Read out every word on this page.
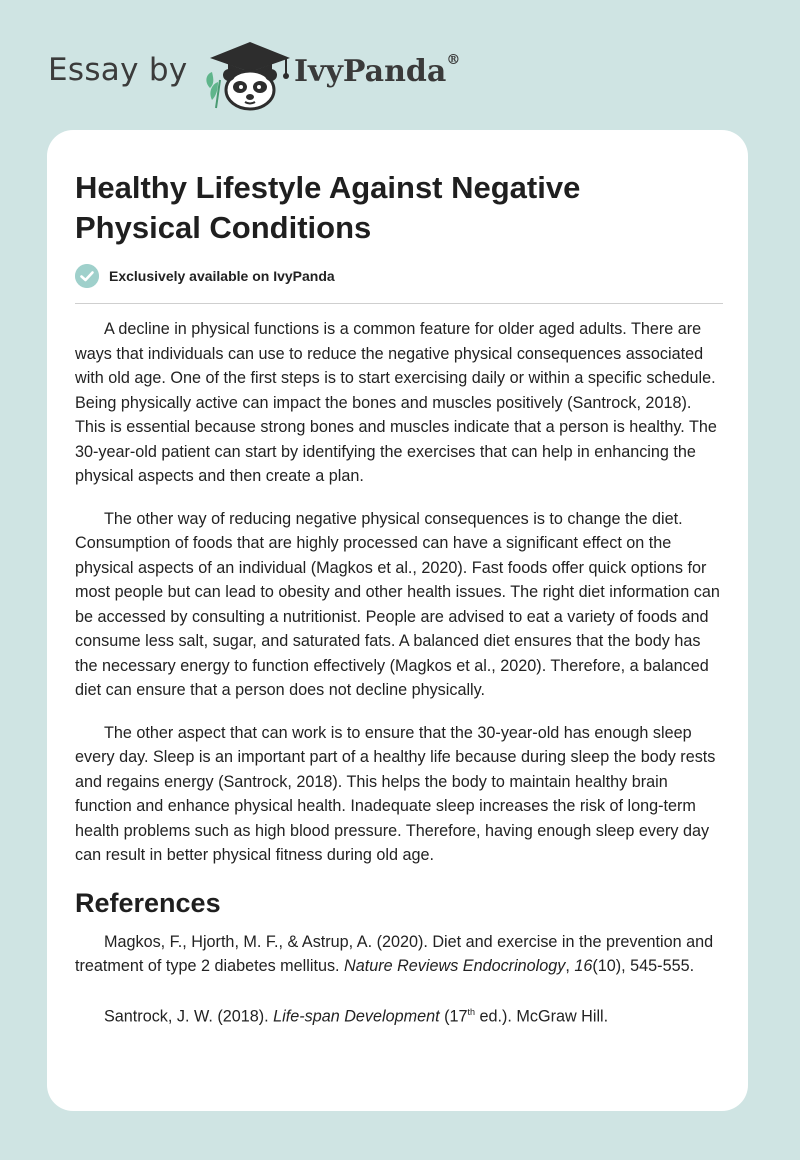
Essay by	IvyPanda®
Healthy Lifestyle Against Negative Physical Conditions
Exclusively available on IvyPanda

A decline in physical functions is a common feature for older aged adults. There are ways that individuals can use to reduce the negative physical consequences associated with old age. One of the first steps is to start exercising daily or within a specific schedule. Being physically active can impact the bones and muscles positively (Santrock, 2018). This is essential because strong bones and muscles indicate that a person is healthy. The 30-year-old patient can start by identifying the exercises that can help in enhancing the physical aspects and then create a plan.

The other way of reducing negative physical consequences is to change the diet. Consumption of foods that are highly processed can have a significant effect on the physical aspects of an individual (Magkos et al., 2020). Fast foods offer quick options for most people but can lead to obesity and other health issues. The right diet information can be accessed by consulting a nutritionist. People are advised to eat a variety of foods and consume less salt, sugar, and saturated fats. A balanced diet ensures that the body has the necessary energy to function effectively (Magkos et al., 2020). Therefore, a balanced diet can ensure that a person does not decline physically.

The other aspect that can work is to ensure that the 30-year-old has enough sleep every day. Sleep is an important part of a healthy life because during sleep the body rests and regains energy (Santrock, 2018). This helps the body to maintain healthy brain function and enhance physical health. Inadequate sleep increases the risk of long-term health problems such as high blood pressure. Therefore, having enough sleep every day can result in better physical fitness during old age.

References

Magkos, F., Hjorth, M. F., & Astrup, A. (2020). Diet and exercise in the prevention and treatment of type 2 diabetes mellitus. Nature Reviews Endocrinology, 16(10), 545-555.

Santrock, J. W. (2018). Life-span Development (17th ed.). McGraw Hill.
